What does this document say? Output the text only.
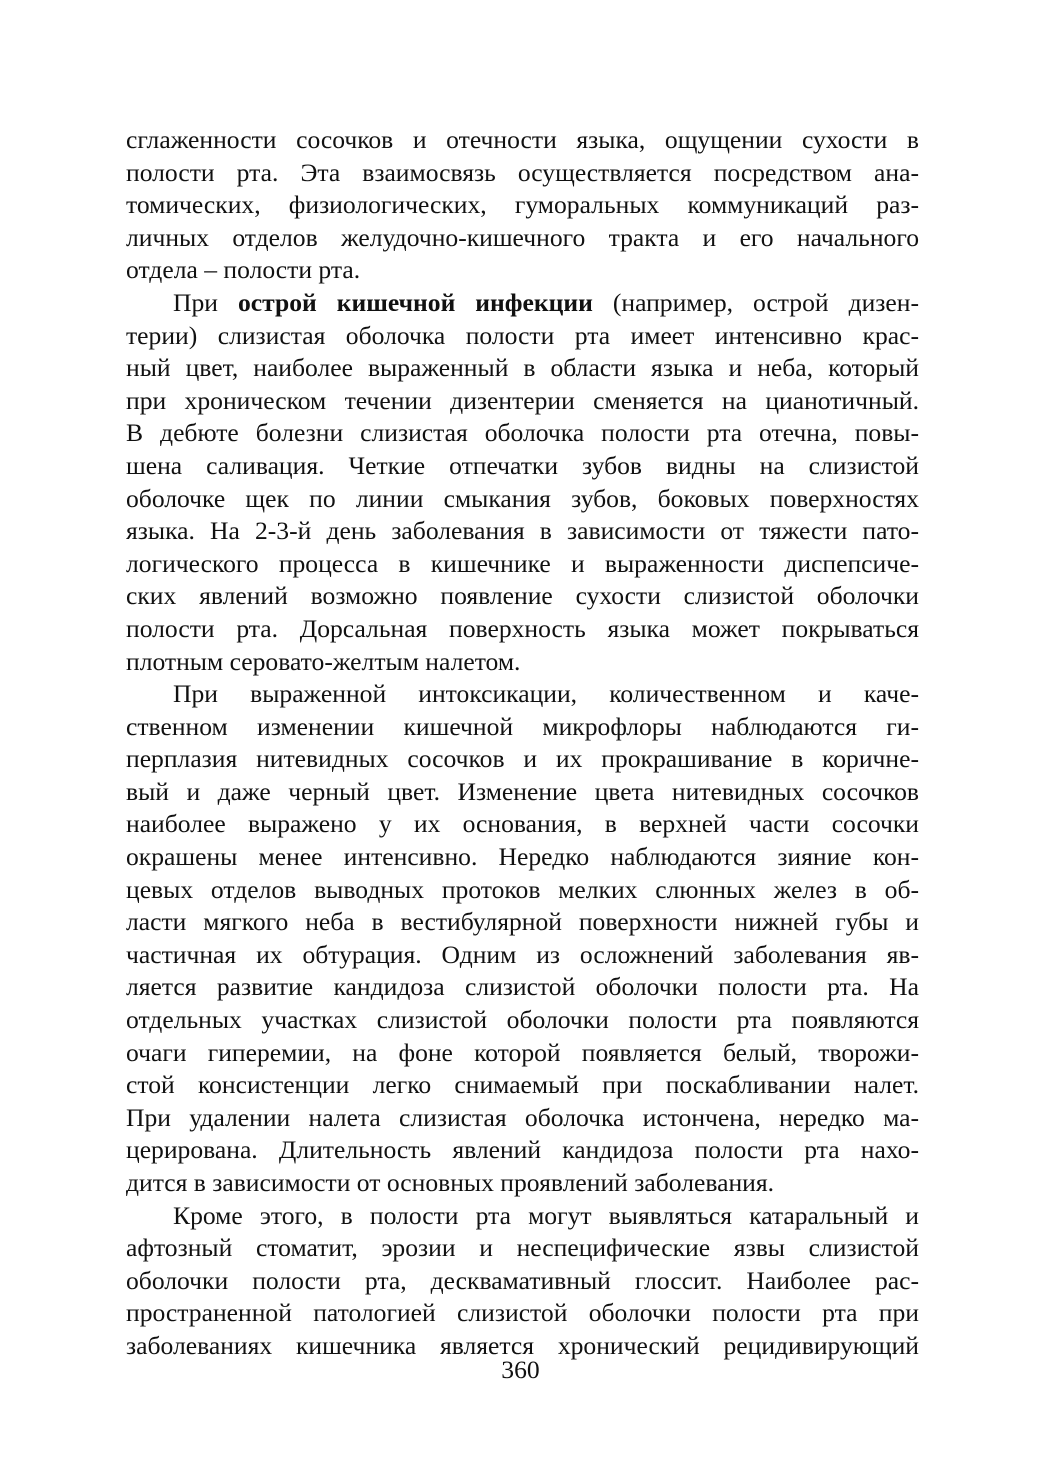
сглаженности сосочков и отечности языка, ощущении сухости в
полости рта. Эта взаимосвязь осуществляется посредством ана-
томических, физиологических, гуморальных коммуникаций раз-
личных отделов желудочно-кишечного тракта и его начального
отдела – полости рта.
При острой кишечной инфекции (например, острой дизен-
терии) слизистая оболочка полости рта имеет интенсивно крас-
ный цвет, наиболее выраженный в области языка и неба, который
при хроническом течении дизентерии сменяется на цианотичный.
В дебюте болезни слизистая оболочка полости рта отечна, повы-
шена саливация. Четкие отпечатки зубов видны на слизистой
оболочке щек по линии смыкания зубов, боковых поверхностях
языка. На 2-3-й день заболевания в зависимости от тяжести пато-
логического процесса в кишечнике и выраженности диспепсиче-
ских явлений возможно появление сухости слизистой оболочки
полости рта. Дорсальная поверхность языка может покрываться
плотным серовато-желтым налетом.
При выраженной интоксикации, количественном и каче-
ственном изменении кишечной микрофлоры наблюдаются ги-
перплазия нитевидных сосочков и их прокрашивание в коричне-
вый и даже черный цвет. Изменение цвета нитевидных сосочков
наиболее выражено у их основания, в верхней части сосочки
окрашены менее интенсивно. Нередко наблюдаются зияние кон-
цевых отделов выводных протоков мелких слюнных желез в об-
ласти мягкого неба в вестибулярной поверхности нижней губы и
частичная их обтурация. Одним из осложнений заболевания яв-
ляется развитие кандидоза слизистой оболочки полости рта. На
отдельных участках слизистой оболочки полости рта появляются
очаги гиперемии, на фоне которой появляется белый, творожи-
стой консистенции легко снимаемый при поскабливании налет.
При удалении налета слизистая оболочка истончена, нередко ма-
церирована. Длительность явлений кандидоза полости рта нахо-
дится в зависимости от основных проявлений заболевания.
Кроме этого, в полости рта могут выявляться катаральный и
афтозный стоматит, эрозии и неспецифические язвы слизистой
оболочки полости рта, десквамативный глоссит. Наиболее рас-
пространенной патологией слизистой оболочки полости рта при
заболеваниях кишечника является хронический рецидивирующий
360
